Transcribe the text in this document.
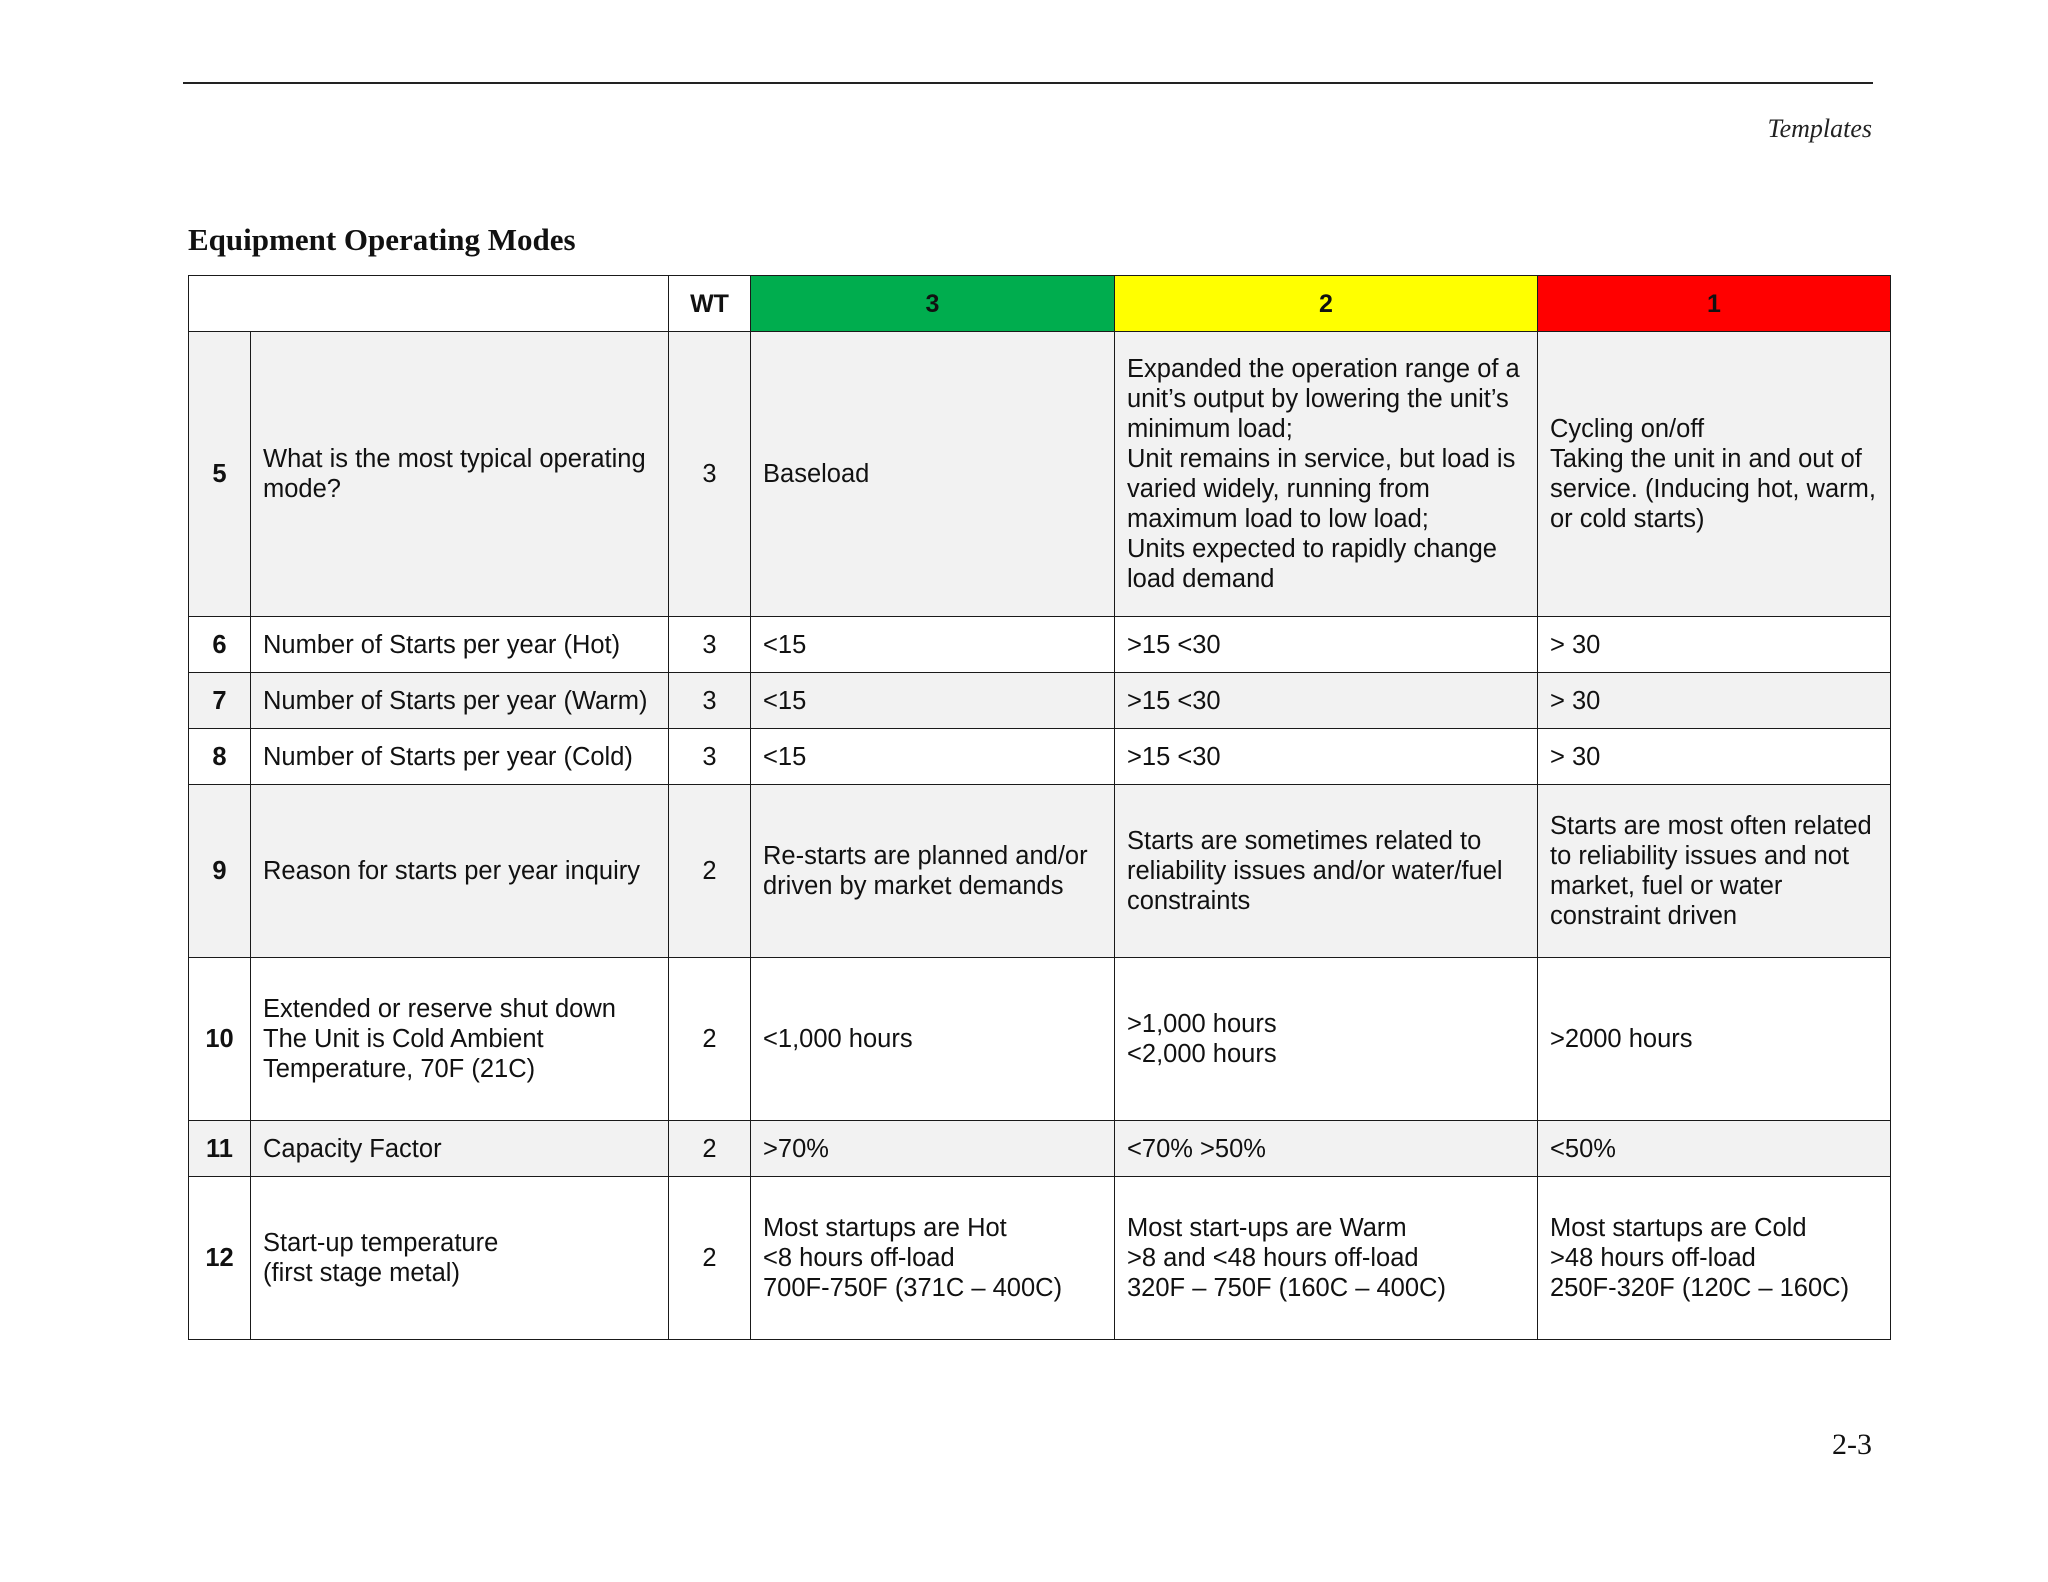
Templates
Equipment Operating Modes
		WT	3	2	1
5	What is the most typical operating mode?	3	Baseload	Expanded the operation range of a unit’s output by lowering the unit’s minimum load;
Unit remains in service, but load is varied widely, running from maximum load to low load;
Units expected to rapidly change load demand	Cycling on/off
Taking the unit in and out of service. (Inducing hot, warm, or cold starts)

6	Number of Starts per year (Hot)	3	<15	>15 <30	> 30

7	Number of Starts per year (Warm)	3	<15	>15 <30	> 30

8	Number of Starts per year (Cold)	3	<15	>15 <30	> 30

9	Reason for starts per year inquiry	2	Re-starts are planned and/or driven by market demands	Starts are sometimes related to reliability issues and/or water/fuel constraints	Starts are most often related to reliability issues and not market, fuel or water constraint driven

10	Extended or reserve shut down
The Unit is Cold Ambient Temperature, 70F (21C)	2	<1,000 hours	>1,000 hours
<2,000 hours	>2000 hours

11	Capacity Factor	2	>70%	<70% >50%	<50%

12	Start-up temperature
(first stage metal)	2	Most startups are Hot
<8 hours off-load
700F-750F (371C – 400C)	Most start-ups are Warm
>8 and <48 hours off-load
320F – 750F (160C – 400C)	Most startups are Cold
>48 hours off-load
250F-320F (120C – 160C)
2-3
